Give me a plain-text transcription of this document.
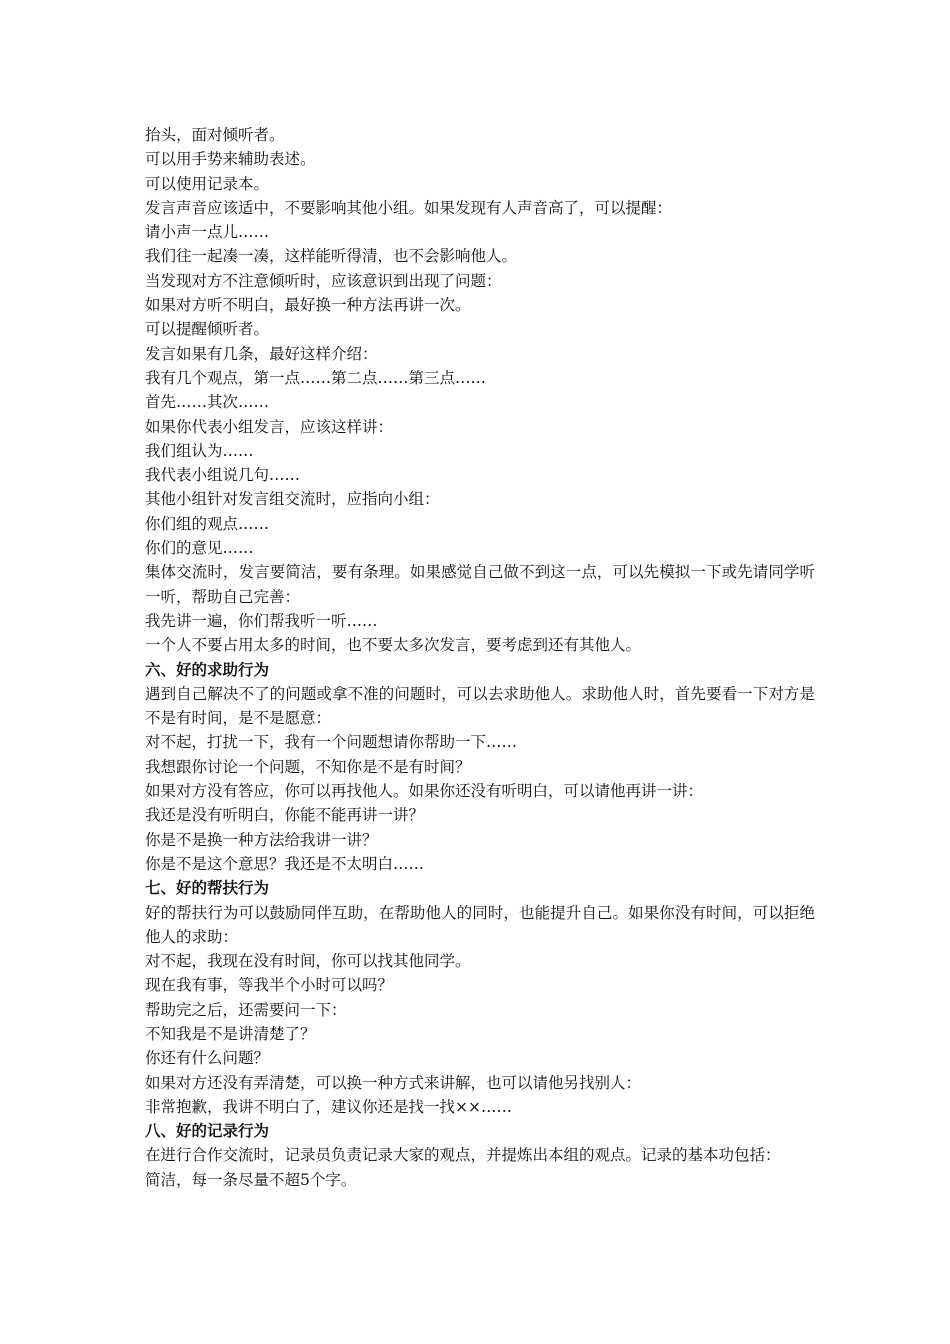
抬头，面对倾听者。

可以用手势来辅助表述。

可以使用记录本。

发言声音应该适中，不要影响其他小组。如果发现有人声音高了，可以提醒：

请小声一点儿……

我们往一起凑一凑，这样能听得清，也不会影响他人。

当发现对方不注意倾听时，应该意识到出现了问题：

如果对方听不明白，最好换一种方法再讲一次。

可以提醒倾听者。

发言如果有几条，最好这样介绍：

我有几个观点，第一点……第二点……第三点……

首先……其次……

如果你代表小组发言，应该这样讲：

我们组认为……

我代表小组说几句……

其他小组针对发言组交流时，应指向小组：

你们组的观点……

你们的意见……

集体交流时，发言要简洁，要有条理。如果感觉自己做不到这一点，可以先模拟一下或先请同学听一听，帮助自己完善：

我先讲一遍，你们帮我听一听……

一个人不要占用太多的时间，也不要太多次发言，要考虑到还有其他人。

六、好的求助行为

遇到自己解决不了的问题或拿不准的问题时，可以去求助他人。求助他人时，首先要看一下对方是不是有时间，是不是愿意：

对不起，打扰一下，我有一个问题想请你帮助一下……

我想跟你讨论一个问题，不知你是不是有时间？

如果对方没有答应，你可以再找他人。如果你还没有听明白，可以请他再讲一讲：

我还是没有听明白，你能不能再讲一讲？

你是不是换一种方法给我讲一讲？

你是不是这个意思？我还是不太明白……

七、好的帮扶行为

好的帮扶行为可以鼓励同伴互助，在帮助他人的同时，也能提升自己。如果你没有时间，可以拒绝他人的求助：

对不起，我现在没有时间，你可以找其他同学。

现在我有事，等我半个小时可以吗？

帮助完之后，还需要问一下：

不知我是不是讲清楚了？

你还有什么问题？

如果对方还没有弄清楚，可以换一种方式来讲解，也可以请他另找别人：

非常抱歉，我讲不明白了，建议你还是找一找××……

八、好的记录行为

在进行合作交流时，记录员负责记录大家的观点，并提炼出本组的观点。记录的基本功包括：

简洁，每一条尽量不超5个字。
